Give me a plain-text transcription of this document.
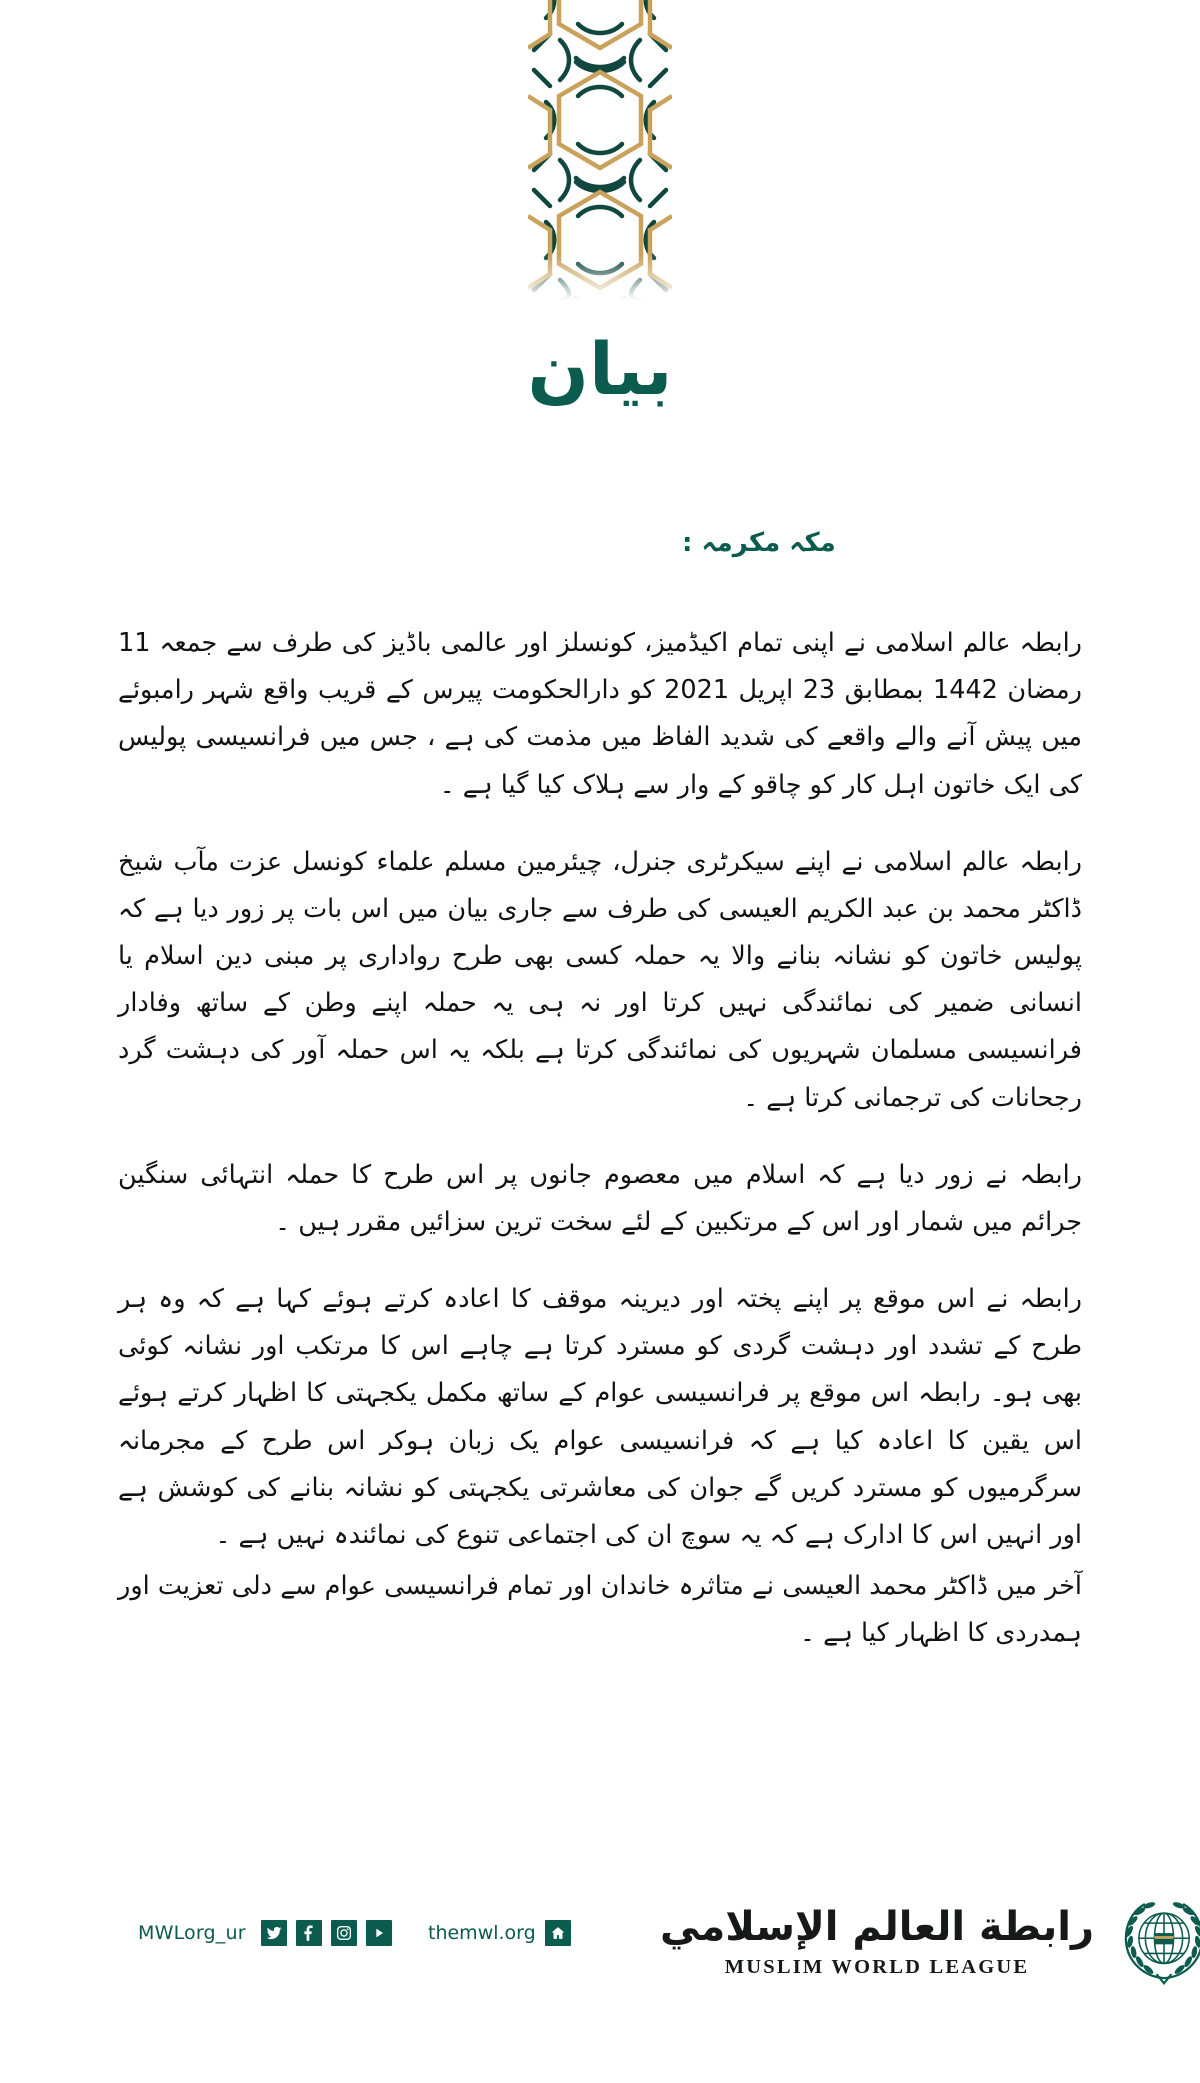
بیان
مکہ مکرمہ :

رابطہ عالم اسلامی نے اپنی تمام اکیڈمیز، کونسلز اور عالمی باڈیز کی طرف سے جمعہ 11 رمضان 1442 بمطابق 23 اپریل 2021 کو دارالحکومت پیرس کے قریب واقع شہر رامبوئے میں پیش آنے والے واقعے کی شدید الفاظ میں مذمت کی ہے ، جس میں فرانسیسی پولیس کی ایک خاتون اہل کار کو چاقو کے وار سے ہلاک کیا گیا ہے ۔

رابطہ عالم اسلامی نے اپنے سیکرٹری جنرل، چیئرمین مسلم علماء کونسل عزت مآب شیخ ڈاکٹر محمد بن عبد الکریم العیسی کی طرف سے جاری بیان میں اس بات پر زور دیا ہے کہ پولیس خاتون کو نشانہ بنانے والا یہ حملہ کسی بھی طرح رواداری پر مبنی دین اسلام یا انسانی ضمیر کی نمائندگی نہیں کرتا اور نہ ہی یہ حملہ اپنے وطن کے ساتھ وفادار فرانسیسی مسلمان شہریوں کی نمائندگی کرتا ہے بلکہ یہ اس حملہ آور کی دہشت گرد رجحانات کی ترجمانی کرتا ہے ۔

رابطہ نے زور دیا ہے کہ اسلام میں معصوم جانوں پر اس طرح کا حملہ انتہائی سنگین جرائم میں شمار اور اس کے مرتکبین کے لئے سخت ترین سزائیں مقرر ہیں ۔

رابطہ نے اس موقع پر اپنے پختہ اور دیرینہ موقف کا اعادہ کرتے ہوئے کہا ہے کہ وہ ہر طرح کے تشدد اور دہشت گردی کو مسترد کرتا ہے چاہے اس کا مرتکب اور نشانہ کوئی بھی ہو۔ رابطہ اس موقع پر فرانسیسی عوام کے ساتھ مکمل یکجہتی کا اظہار کرتے ہوئے اس یقین کا اعادہ کیا ہے کہ فرانسیسی عوام یک زبان ہوکر اس طرح کے مجرمانہ سرگرمیوں کو مسترد کریں گے جوان کی معاشرتی یکجہتی کو نشانہ بنانے کی کوشش ہے اور انہیں اس کا ادارک ہے کہ یہ سوچ ان کی اجتماعی تنوع کی نمائندہ نہیں ہے ۔

آخر میں ڈاکٹر محمد العیسی نے متاثرہ خاندان اور تمام فرانسیسی عوام سے دلی تعزیت اور ہمدردی کا اظہار کیا ہے ۔

MWLorg_ur	themwl.org	رابطة العالم الإسلامي
MUSLIM WORLD LEAGUE
